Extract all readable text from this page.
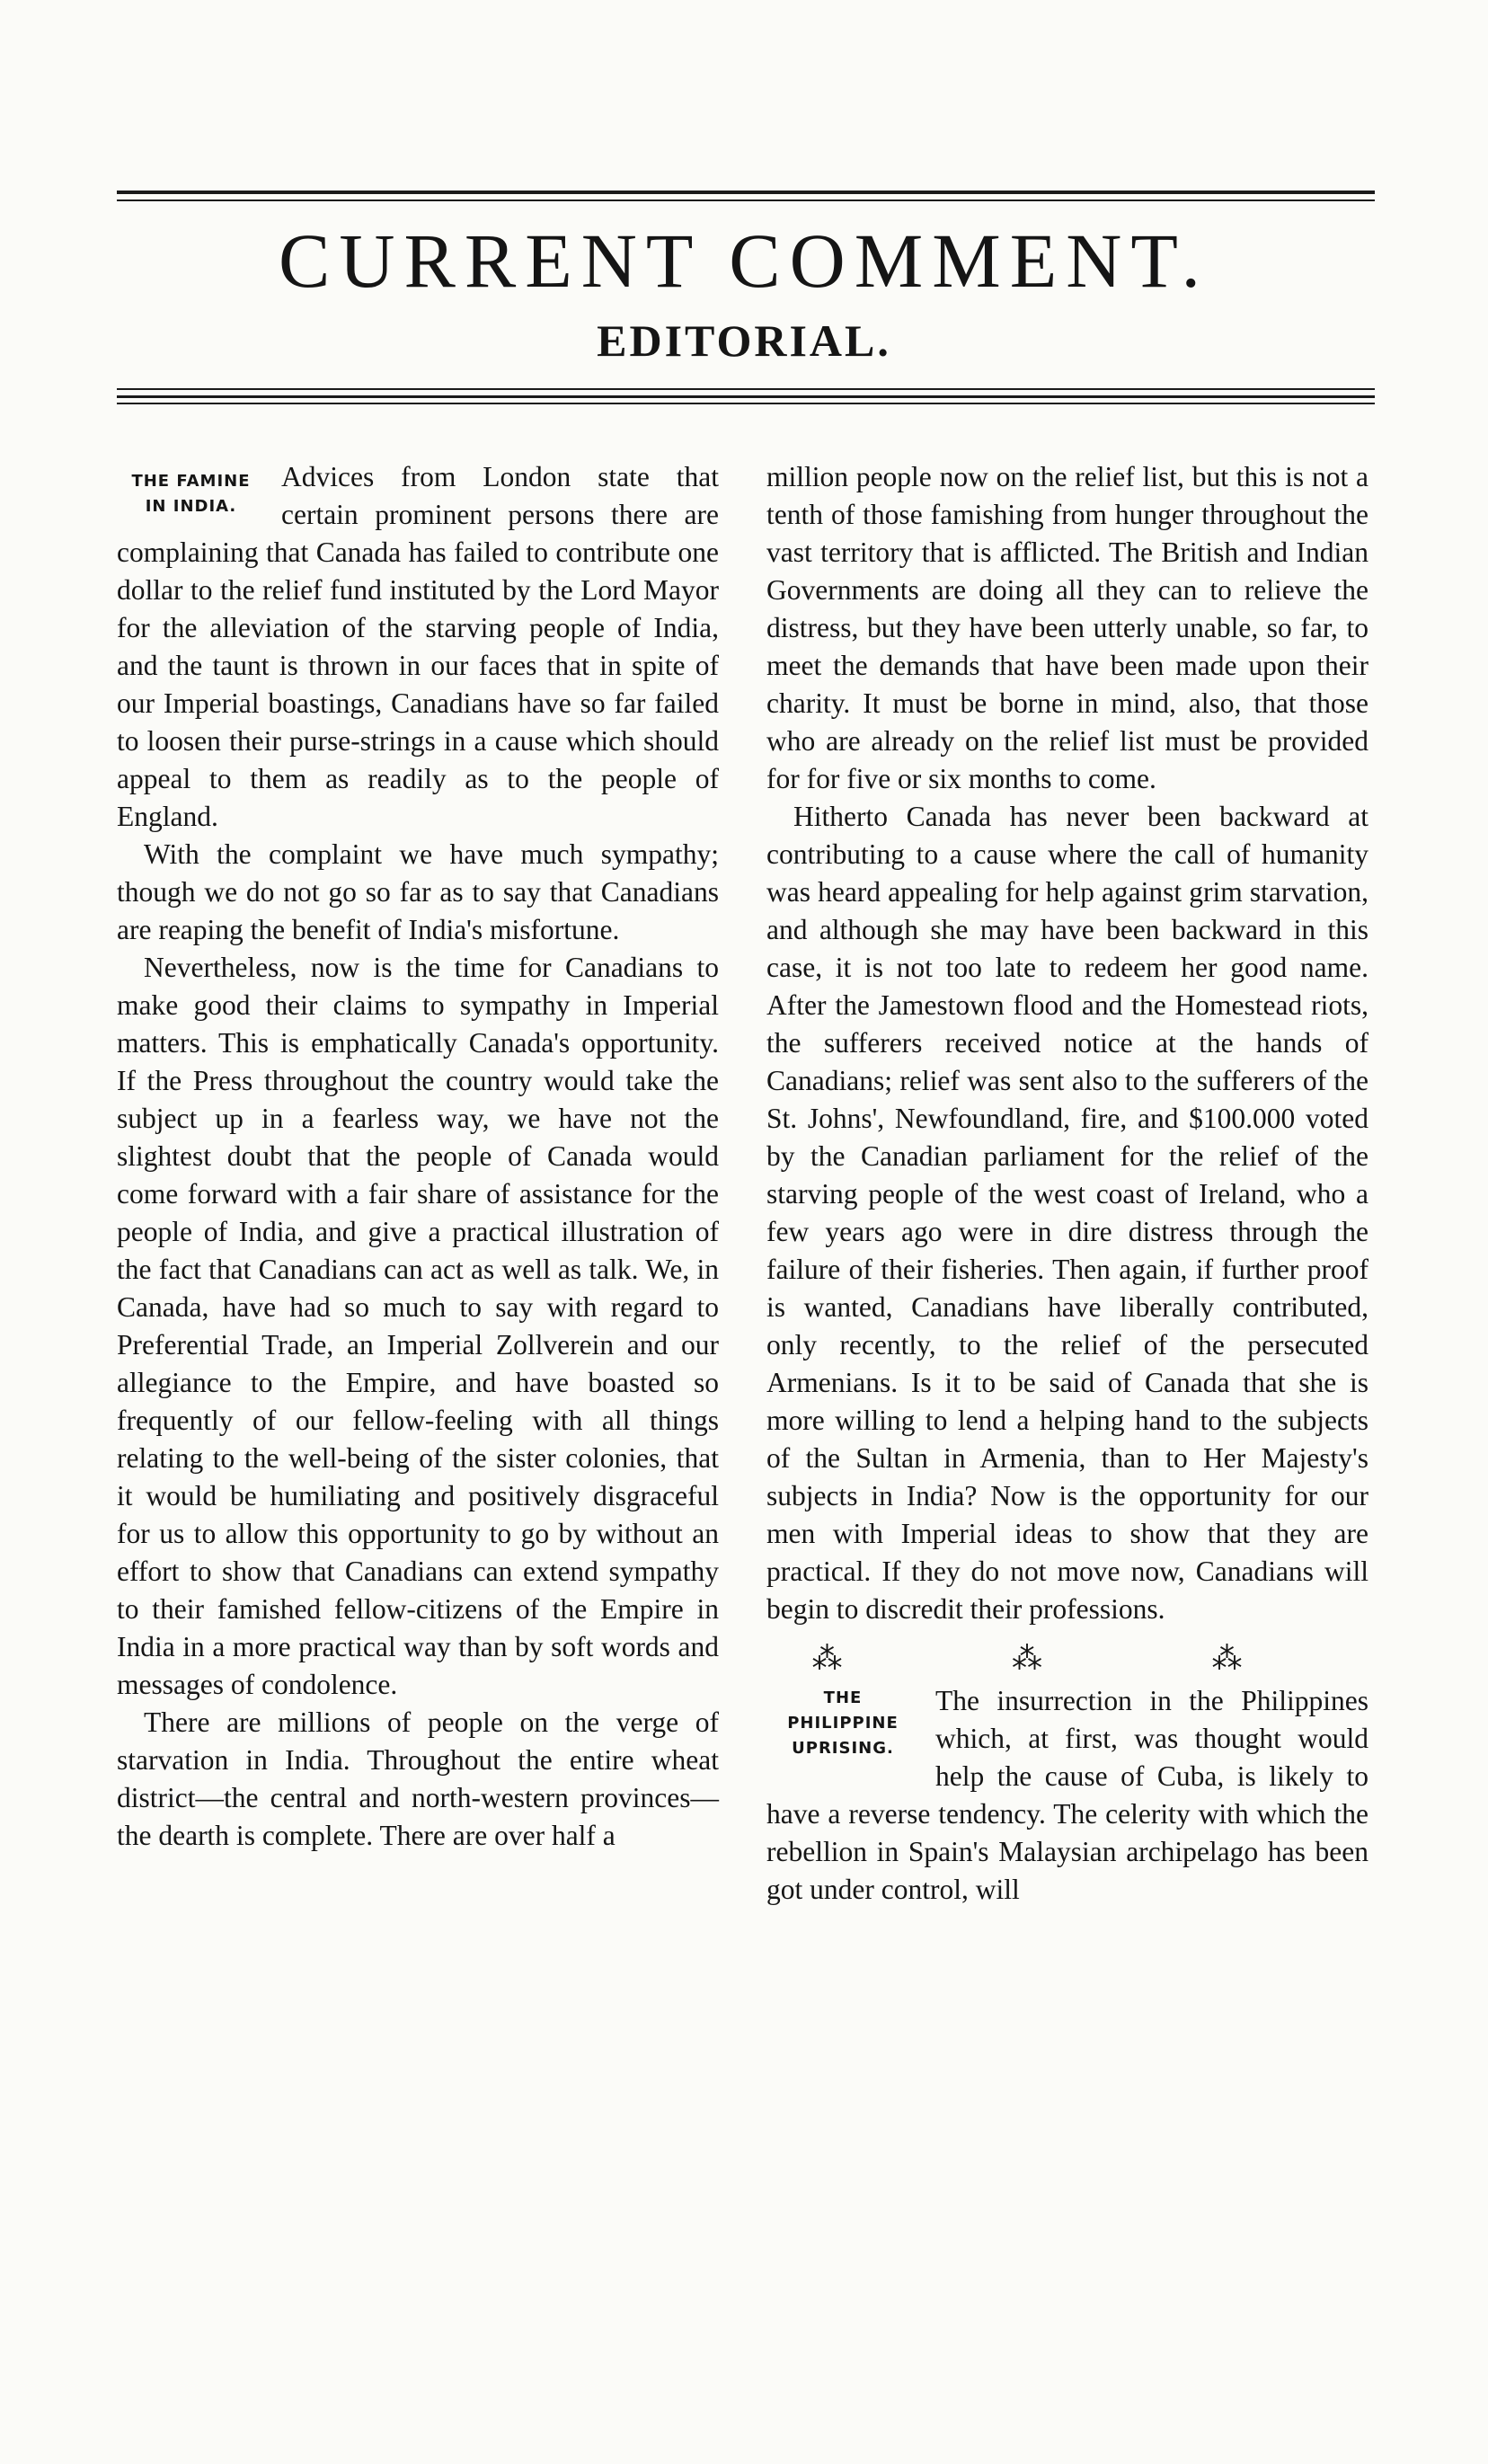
CURRENT COMMENT.
EDITORIAL.
THE FAMINE
IN INDIA.

Advices from London state that certain prominent persons there are complaining that Canada has failed to contribute one dollar to the relief fund instituted by the Lord Mayor for the alleviation of the starving people of India, and the taunt is thrown in our faces that in spite of our Imperial boastings, Canadians have so far failed to loosen their purse-strings in a cause which should appeal to them as readily as to the people of England.

With the complaint we have much sympathy; though we do not go so far as to say that Canadians are reaping the benefit of India's misfortune.

Nevertheless, now is the time for Canadians to make good their claims to sympathy in Imperial matters. This is emphatically Canada's opportunity. If the Press throughout the country would take the subject up in a fearless way, we have not the slightest doubt that the people of Canada would come forward with a fair share of assistance for the people of India, and give a practical illustration of the fact that Canadians can act as well as talk. We, in Canada, have had so much to say with regard to Preferential Trade, an Imperial Zollverein and our allegiance to the Empire, and have boasted so frequently of our fellow-feeling with all things relating to the well-being of the sister colonies, that it would be humiliating and positively disgraceful for us to allow this opportunity to go by without an effort to show that Canadians can extend sympathy to their famished fellow-citizens of the Empire in India in a more practical way than by soft words and messages of condolence.

There are millions of people on the verge of starvation in India. Throughout the entire wheat district—the central and north-western provinces—the dearth is complete. There are over half a

million people now on the relief list, but this is not a tenth of those famishing from hunger throughout the vast territory that is afflicted. The British and Indian Governments are doing all they can to relieve the distress, but they have been utterly unable, so far, to meet the demands that have been made upon their charity. It must be borne in mind, also, that those who are already on the relief list must be provided for for five or six months to come.

Hitherto Canada has never been backward at contributing to a cause where the call of humanity was heard appealing for help against grim starvation, and although she may have been backward in this case, it is not too late to redeem her good name. After the Jamestown flood and the Homestead riots, the sufferers received notice at the hands of Canadians; relief was sent also to the sufferers of the St. Johns', Newfoundland, fire, and $100.000 voted by the Canadian parliament for the relief of the starving people of the west coast of Ireland, who a few years ago were in dire distress through the failure of their fisheries. Then again, if further proof is wanted, Canadians have liberally contributed, only recently, to the relief of the persecuted Armenians. Is it to be said of Canada that she is more willing to lend a helping hand to the subjects of the Sultan in Armenia, than to Her Majesty's subjects in India? Now is the opportunity for our men with Imperial ideas to show that they are practical. If they do not move now, Canadians will begin to discredit their professions.

⁂ ⁂ ⁂
THE
PHILIPPINE
UPRISING.

The insurrection in the Philippines which, at first, was thought would help the cause of Cuba, is likely to have a reverse tendency. The celerity with which the rebellion in Spain's Malaysian archipelago has been got under control, will
